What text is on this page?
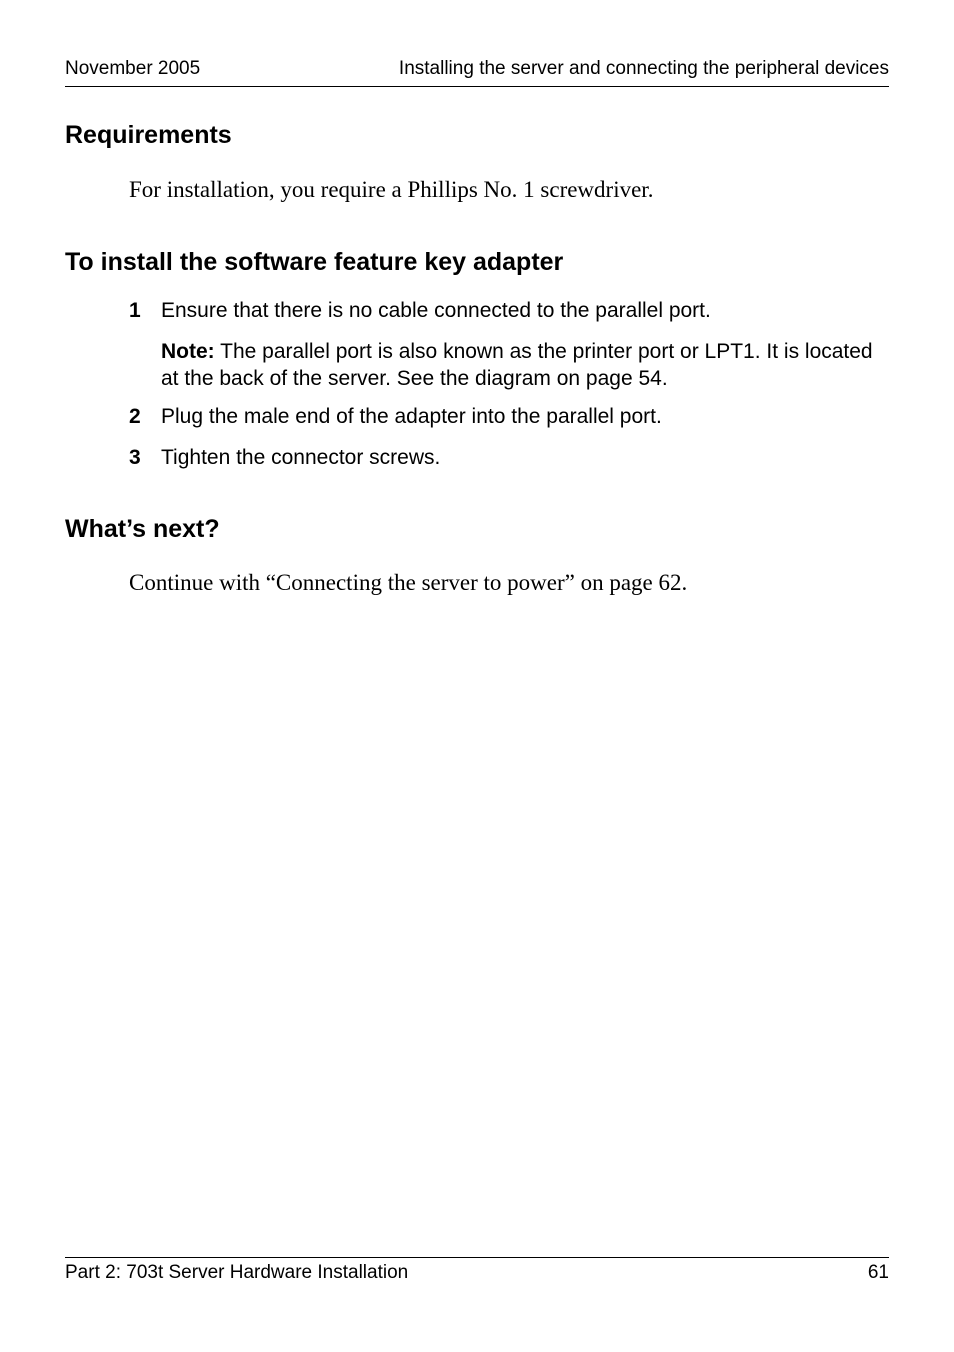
November 2005	Installing the server and connecting the peripheral devices
Requirements

For installation, you require a Phillips No. 1 screwdriver.

To install the software feature key adapter
1 Ensure that there is no cable connected to the parallel port.
Note: The parallel port is also known as the printer port or LPT1. It is located at the back of the server. See the diagram on page 54.
2 Plug the male end of the adapter into the parallel port.
3 Tighten the connector screws.
What’s next?

Continue with “Connecting the server to power” on page 62.

Part 2: 703t Server Hardware Installation	61
